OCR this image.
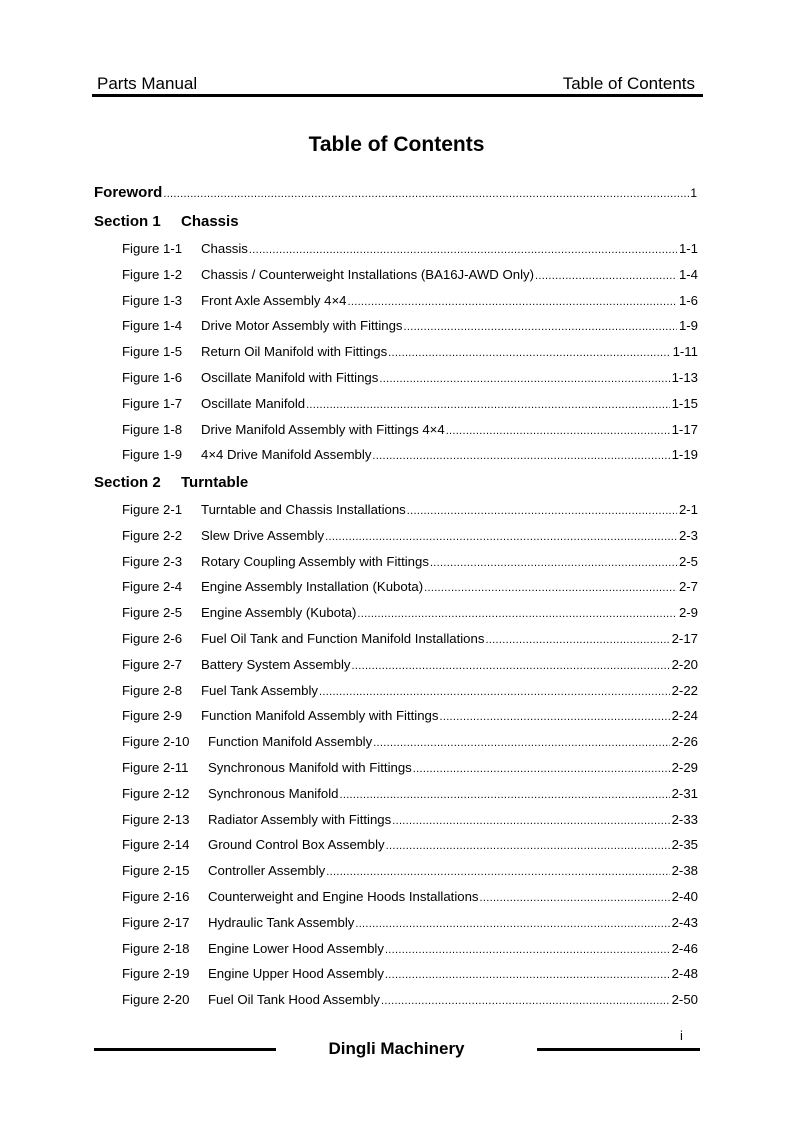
Parts Manual	Table of Contents
Table of Contents
Foreword .....	1
Section 1 Chassis
Figure 1-1	Chassis .....	1-1
Figure 1-2	Chassis / Counterweight Installations (BA16J-AWD Only) .....	1-4
Figure 1-3	Front Axle Assembly 4×4 .....	1-6
Figure 1-4	Drive Motor Assembly with Fittings .....	1-9
Figure 1-5	Return Oil Manifold with Fittings .....	1-11
Figure 1-6	Oscillate Manifold with Fittings .....	1-13
Figure 1-7	Oscillate Manifold .....	1-15
Figure 1-8	Drive Manifold Assembly with Fittings 4×4 .....	1-17
Figure 1-9	4×4 Drive Manifold Assembly .....	1-19
Section 2 Turntable
Figure 2-1	Turntable and Chassis Installations .....	2-1
Figure 2-2	Slew Drive Assembly .....	2-3
Figure 2-3	Rotary Coupling Assembly with Fittings .....	2-5
Figure 2-4	Engine Assembly Installation (Kubota) .....	2-7
Figure 2-5	Engine Assembly (Kubota) .....	2-9
Figure 2-6	Fuel Oil Tank and Function Manifold Installations .....	2-17
Figure 2-7	Battery System Assembly .....	2-20
Figure 2-8	Fuel Tank Assembly .....	2-22
Figure 2-9	Function Manifold Assembly with Fittings .....	2-24
Figure 2-10	Function Manifold Assembly .....	2-26
Figure 2-11	Synchronous Manifold with Fittings .....	2-29
Figure 2-12	Synchronous Manifold .....	2-31
Figure 2-13	Radiator Assembly with Fittings .....	2-33
Figure 2-14	Ground Control Box Assembly .....	2-35
Figure 2-15	Controller Assembly .....	2-38
Figure 2-16	Counterweight and Engine Hoods Installations .....	2-40
Figure 2-17	Hydraulic Tank Assembly .....	2-43
Figure 2-18	Engine Lower Hood Assembly .....	2-46
Figure 2-19	Engine Upper Hood Assembly .....	2-48
Figure 2-20	Fuel Oil Tank Hood Assembly .....	2-50
Dingli Machinery
i
